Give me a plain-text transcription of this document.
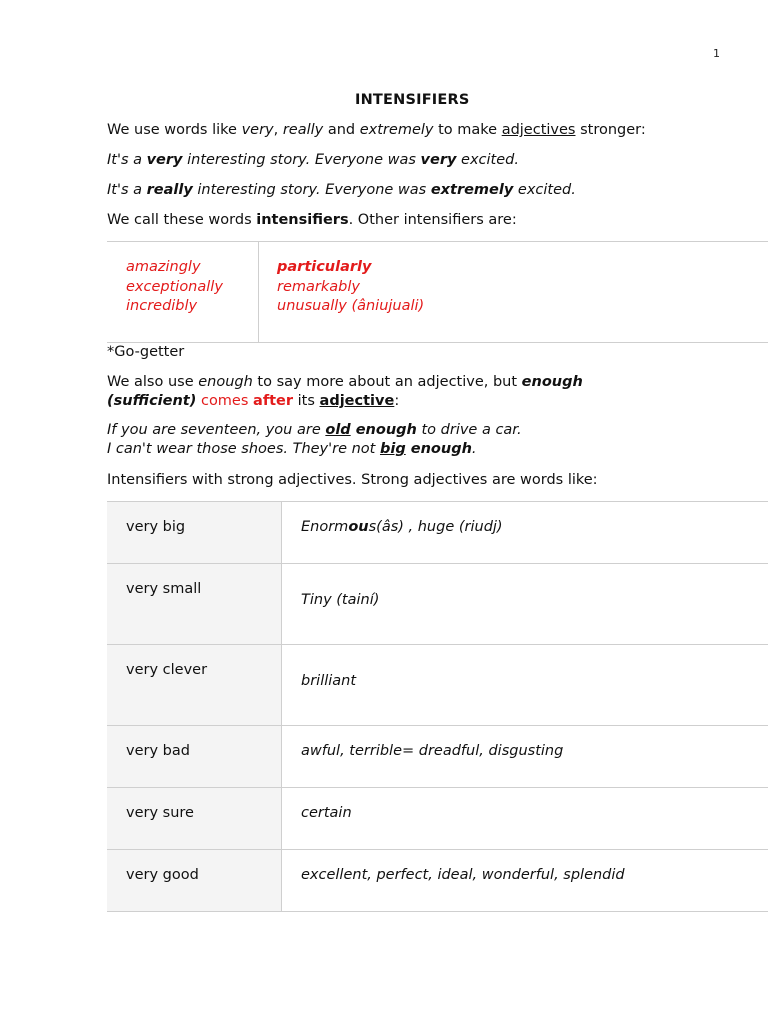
1
INTENSIFIERS
We use words like very, really and extremely to make adjectives stronger:
It's a very interesting story. Everyone was very excited.
It's a really interesting story. Everyone was extremely excited.
We call these words intensifiers. Other intensifiers are:
amazingly
exceptionally
incredibly
particularly
remarkably
unusually (âniujuali)
*Go-getter
We also use enough to say more about an adjective, but enough
(sufficient) comes after its adjective:
If you are seventeen, you are old enough to drive a car.
I can't wear those shoes. They're not big enough.
Intensifiers with strong adjectives. Strong adjectives are words like:
very big	Enormous(âs) , huge (riudj)
very small	Tiny (tainí)
very clever	brilliant
very bad	awful, terrible= dreadful, disgusting
very sure	certain
very good	excellent, perfect, ideal, wonderful, splendid
